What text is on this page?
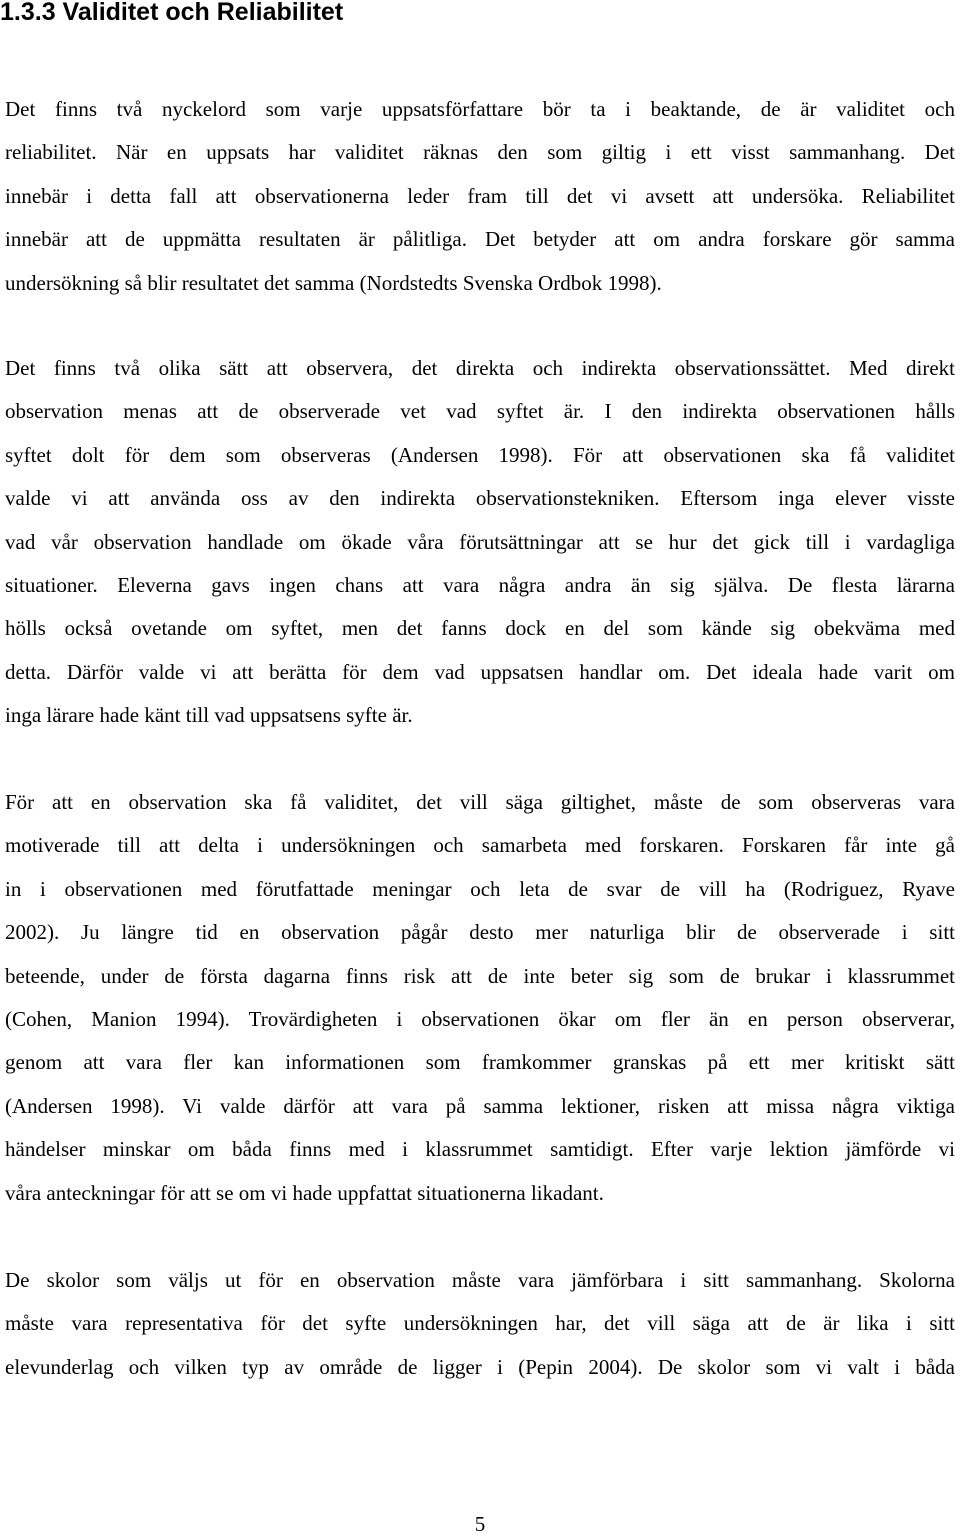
1.3.3 Validitet och Reliabilitet

Det finns två nyckelord som varje uppsatsförfattare bör ta i beaktande, de är validitet och
reliabilitet. När en uppsats har validitet räknas den som giltig i ett visst sammanhang. Det
innebär i detta fall att observationerna leder fram till det vi avsett att undersöka. Reliabilitet
innebär att de uppmätta resultaten är pålitliga. Det betyder att om andra forskare gör samma
undersökning så blir resultatet det samma (Nordstedts Svenska Ordbok 1998).

Det finns två olika sätt att observera, det direkta och indirekta observationssättet. Med direkt
observation menas att de observerade vet vad syftet är. I den indirekta observationen hålls
syftet dolt för dem som observeras (Andersen 1998). För att observationen ska få validitet
valde vi att använda oss av den indirekta observationstekniken. Eftersom inga elever visste
vad vår observation handlade om ökade våra förutsättningar att se hur det gick till i vardagliga
situationer. Eleverna gavs ingen chans att vara några andra än sig själva. De flesta lärarna
hölls också ovetande om syftet, men det fanns dock en del som kände sig obekväma med
detta. Därför valde vi att berätta för dem vad uppsatsen handlar om. Det ideala hade varit om
inga lärare hade känt till vad uppsatsens syfte är.

För att en observation ska få validitet, det vill säga giltighet, måste de som observeras vara
motiverade till att delta i undersökningen och samarbeta med forskaren. Forskaren får inte gå
in i observationen med förutfattade meningar och leta de svar de vill ha (Rodriguez, Ryave
2002). Ju längre tid en observation pågår desto mer naturliga blir de observerade i sitt
beteende, under de första dagarna finns risk att de inte beter sig som de brukar i klassrummet
(Cohen, Manion 1994). Trovärdigheten i observationen ökar om fler än en person observerar,
genom att vara fler kan informationen som framkommer granskas på ett mer kritiskt sätt
(Andersen 1998). Vi valde därför att vara på samma lektioner, risken att missa några viktiga
händelser minskar om båda finns med i klassrummet samtidigt. Efter varje lektion jämförde vi
våra anteckningar för att se om vi hade uppfattat situationerna likadant.

De skolor som väljs ut för en observation måste vara jämförbara i sitt sammanhang. Skolorna
måste vara representativa för det syfte undersökningen har, det vill säga att de är lika i sitt
elevunderlag och vilken typ av område de ligger i (Pepin 2004). De skolor som vi valt i båda

5
